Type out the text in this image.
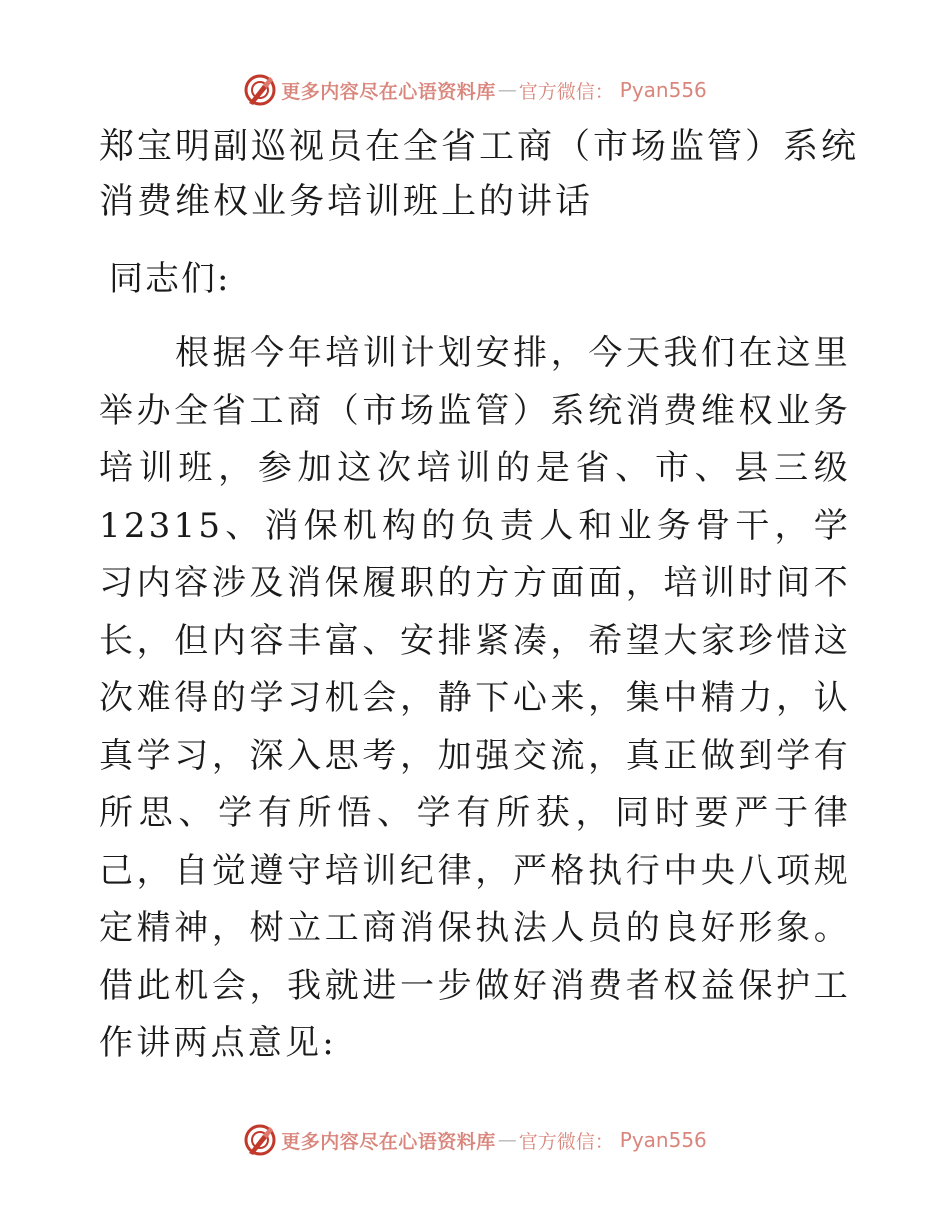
更多内容尽在心语资料库 — 官方微信 ： Pyan556
郑宝明副巡视员在全省工商（市场监管）系统消费维权业务培训班上的讲话

同志们:

根据今年培训计划安排，今天我们在这里举办全省工商（市场监管）系统消费维权业务培训班，参加这次培训的是省、市、县三级12315、消保机构的负责人和业务骨干，学习内容涉及消保履职的方方面面，培训时间不长，但内容丰富、安排紧凑，希望大家珍惜这次难得的学习机会，静下心来，集中精力，认真学习，深入思考，加强交流，真正做到学有所思、学有所悟、学有所获，同时要严于律己，自觉遵守培训纪律，严格执行中央八项规定精神，树立工商消保执法人员的良好形象。借此机会，我就进一步做好消费者权益保护工作讲两点意见:

更多内容尽在心语资料库 — 官方微信 ： Pyan556
